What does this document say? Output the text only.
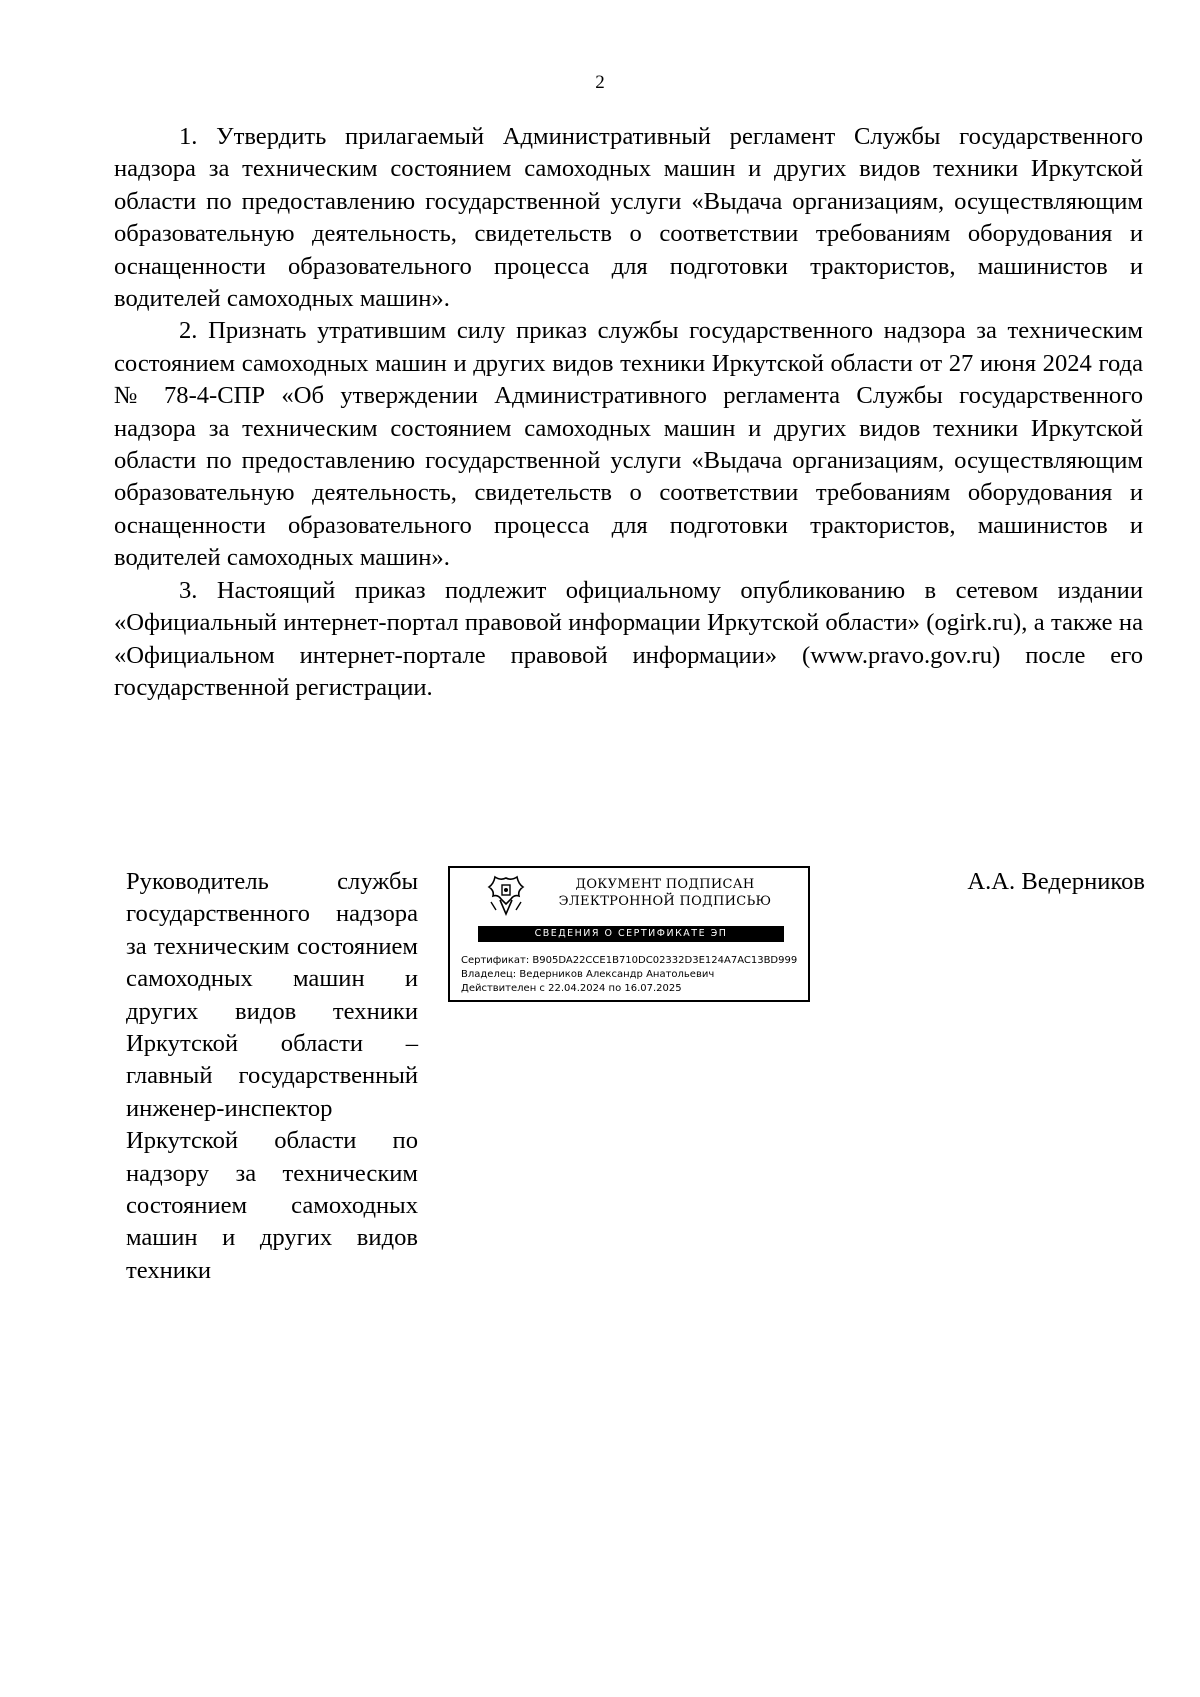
2

1. Утвердить прилагаемый Административный регламент Службы государственного надзора за техническим состоянием самоходных машин и других видов техники Иркутской области по предоставлению государственной услуги «Выдача организациям, осуществляющим образовательную деятельность, свидетельств о соответствии требованиям оборудования и оснащенности образовательного процесса для подготовки трактористов, машинистов и водителей самоходных машин».

2. Признать утратившим силу приказ службы государственного надзора за техническим состоянием самоходных машин и других видов техники Иркутской области от 27 июня 2024 года № 78-4-СПР «Об утверждении Административного регламента Службы государственного надзора за техническим состоянием самоходных машин и других видов техники Иркутской области по предоставлению государственной услуги «Выдача организациям, осуществляющим образовательную деятельность, свидетельств о соответствии требованиям оборудования и оснащенности образовательного процесса для подготовки трактористов, машинистов и водителей самоходных машин».

3. Настоящий приказ подлежит официальному опубликованию в сетевом издании «Официальный интернет-портал правовой информации Иркутской области» (ogirk.ru), а также на «Официальном интернет-портале правовой информации» (www.pravo.gov.ru) после его государственной регистрации.

Руководитель службы государственного надзора за техническим состоянием самоходных машин и других видов техники Иркутской области – главный государственный инженер-инспектор Иркутской области по надзору за техническим состоянием самоходных машин и других видов техники
ДОКУМЕНТ ПОДПИСАН
ЭЛЕКТРОННОЙ ПОДПИСЬЮ
СВЕДЕНИЯ О СЕРТИФИКАТЕ ЭП
Сертификат: B905DA22CCE1B710DC02332D3E124A7AC13BD999
Владелец: Ведерников Александр Анатольевич
Действителен с 22.04.2024 по 16.07.2025
А.А. Ведерников
